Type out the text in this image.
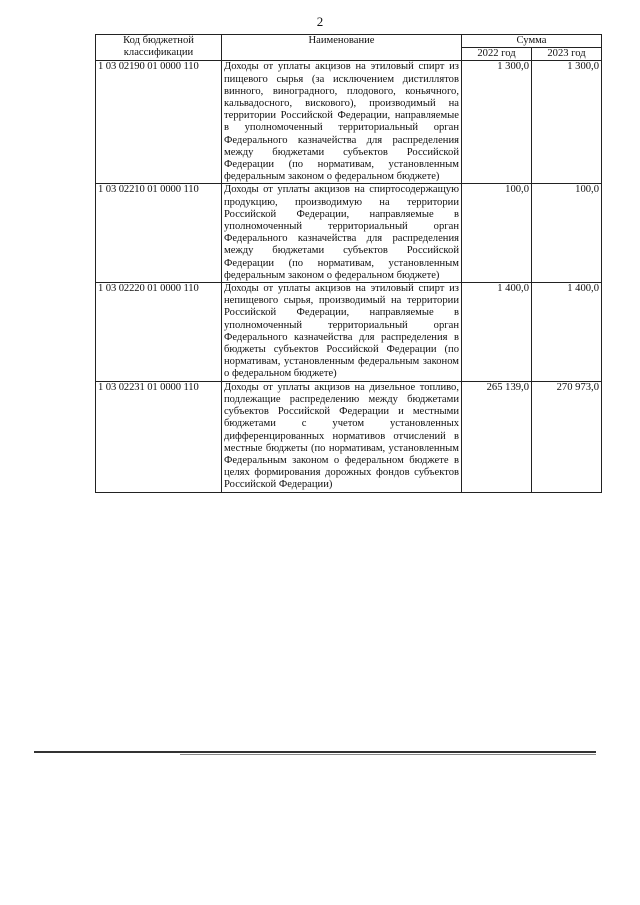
2
Код бюджетной классификации	Наименование	Сумма	
		2022 год	2023 год
1 03 02190 01 0000 110	Доходы от уплаты акцизов на этиловый спирт из пищевого сырья (за исключением дистиллятов винного, виноградного, плодового, коньячного, кальвадосного, вискового), производимый на территории Российской Федерации, направляемые в уполномоченный территориальный орган Федерального казначейства для распределения между бюджетами субъектов Российской Федерации (по нормативам, установленным федеральным законом о федеральном бюджете)	1 300,0	1 300,0
1 03 02210 01 0000 110	Доходы от уплаты акцизов на спиртосодержащую продукцию, производимую на территории Российской Федерации, направляемые в уполномоченный территориальный орган Федерального казначейства для распределения между бюджетами субъектов Российской Федерации (по нормативам, установленным федеральным законом о федеральном бюджете)	100,0	100,0
1 03 02220 01 0000 110	Доходы от уплаты акцизов на этиловый спирт из непищевого сырья, производимый на территории Российской Федерации, направляемые в уполномоченный территориальный орган Федерального казначейства для распределения в бюджеты субъектов Российской Федерации (по нормативам, установленным федеральным законом о федеральном бюджете)	1 400,0	1 400,0
1 03 02231 01 0000 110	Доходы от уплаты акцизов на дизельное топливо, подлежащие распределению между бюджетами субъектов Российской Федерации и местными бюджетами с учетом установленных дифференцированных нормативов отчислений в местные бюджеты (по нормативам, установленным Федеральным законом о федеральном бюджете в целях формирования дорожных фондов субъектов Российской Федерации)	265 139,0	270 973,0
